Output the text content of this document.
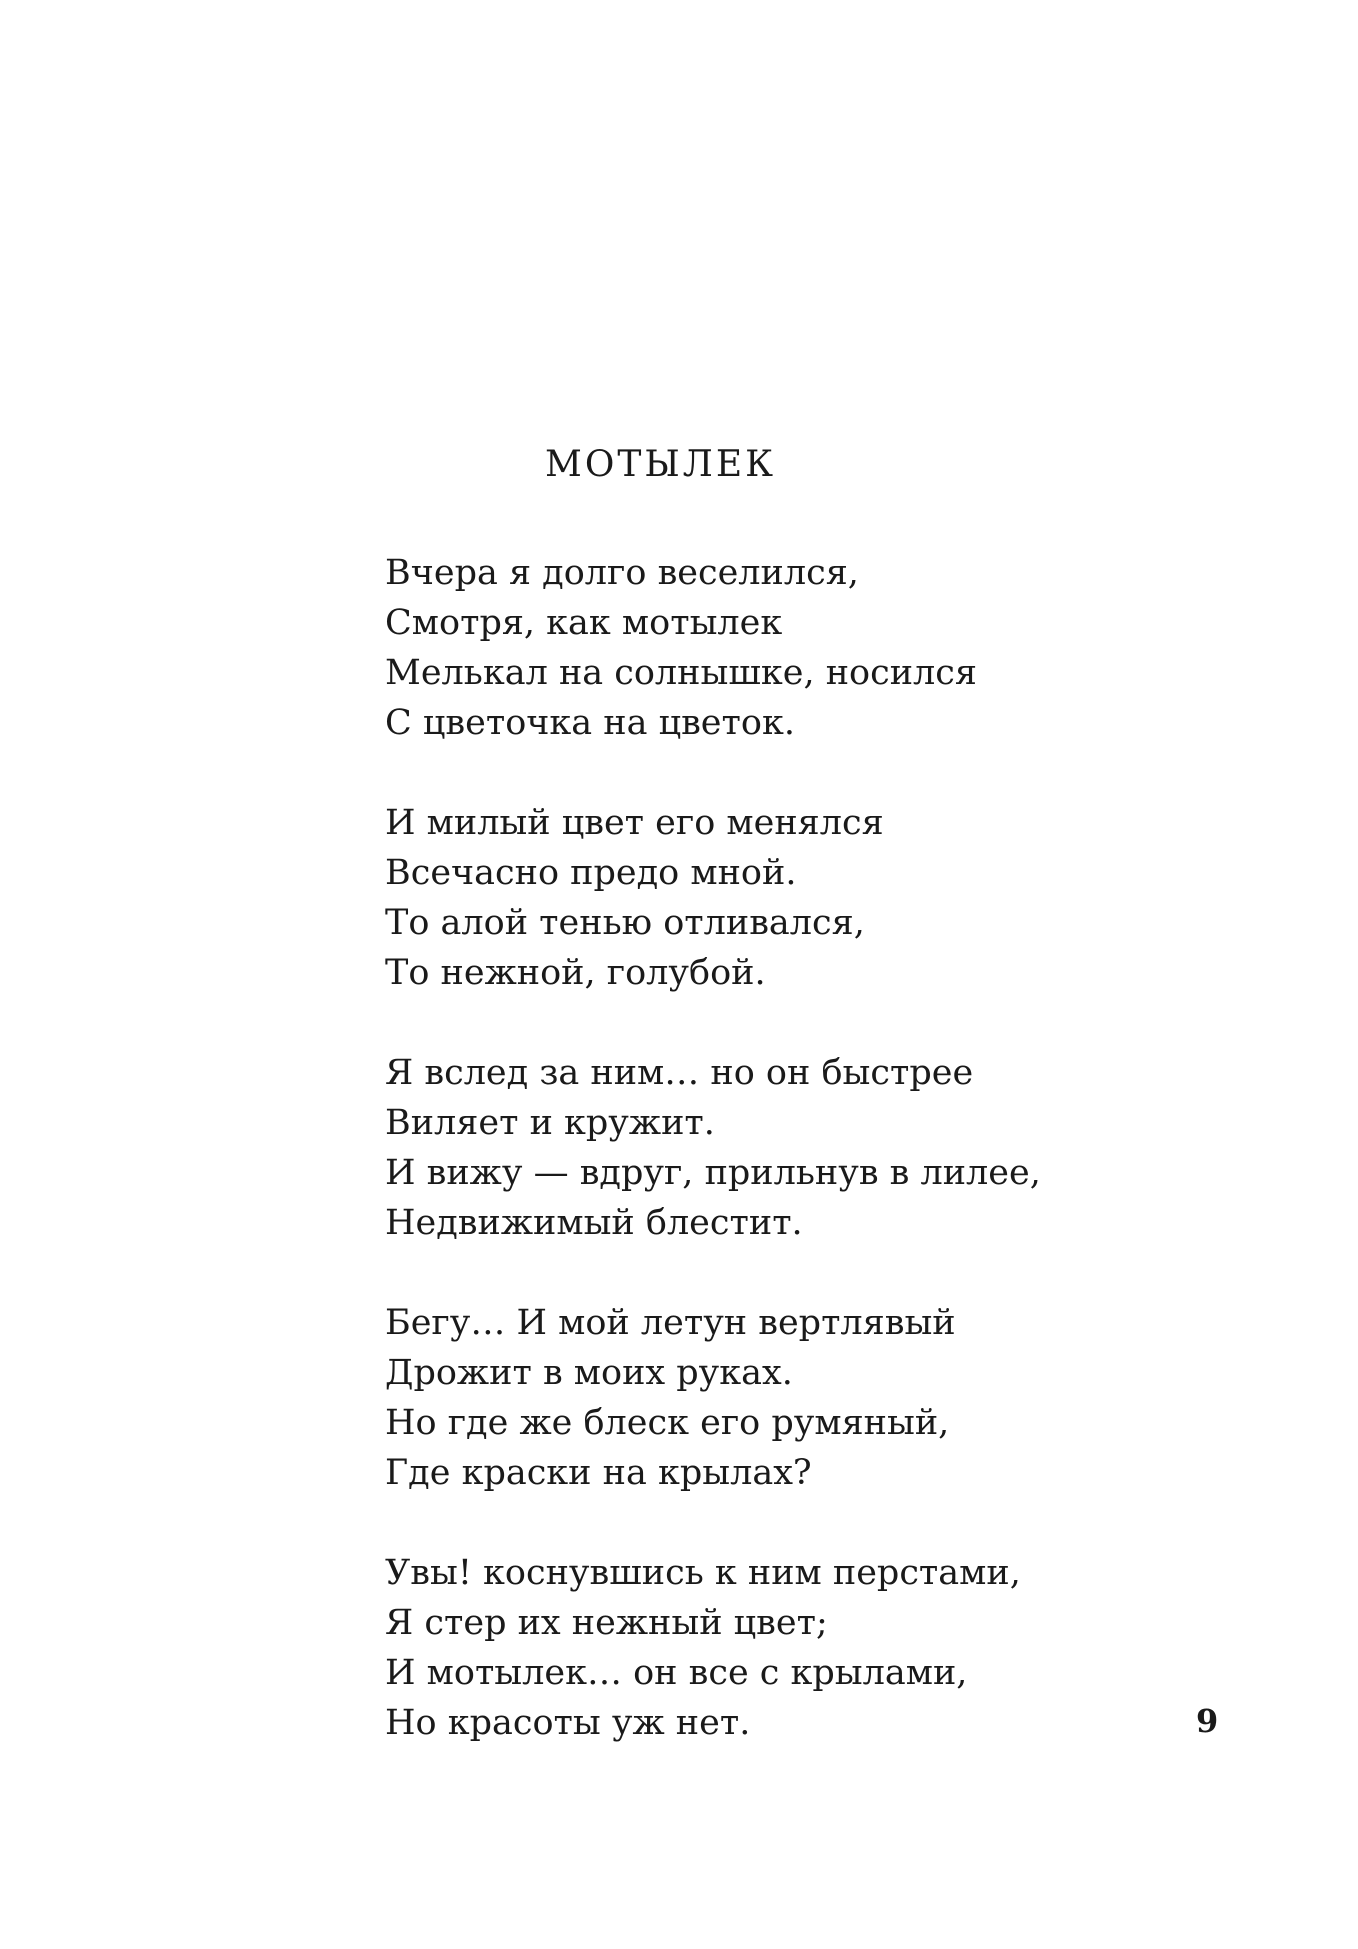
МОТЫЛЕК
Вчера я долго веселился,
Смотря, как мотылек
Мелькал на солнышке, носился
С цветочка на цветок.
И милый цвет его менялся
Всечасно предо мной.
То алой тенью отливался,
То нежной, голубой.
Я вслед за ним… но он быстрее
Виляет и кружит.
И вижу — вдруг, прильнув в лилее,
Недвижимый блестит.
Бегу… И мой летун вертлявый
Дрожит в моих руках.
Но где же блеск его румяный,
Где краски на крылах?
Увы! коснувшись к ним перстами,
Я стер их нежный цвет;
И мотылек… он все с крылами,
Но красоты уж нет.	9
